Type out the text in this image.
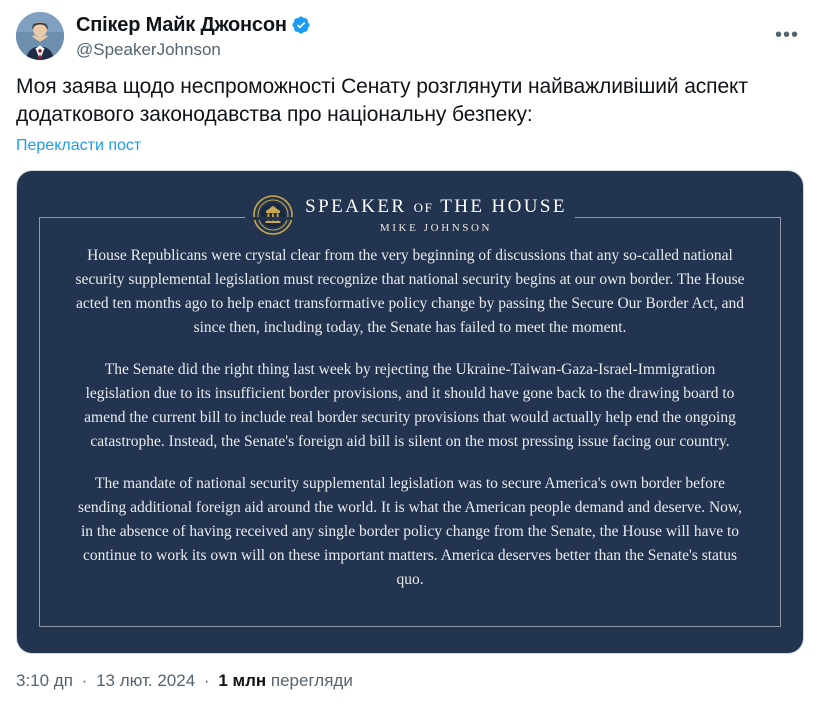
Спікер Майк Джонсон
@SpeakerJohnson
•••
Моя заява щодо неспроможності Сенату розглянути найважливіший аспект додаткового законодавства про національну безпеку:
Перекласти пост
SPEAKER OF THE HOUSE
MIKE JOHNSON

House Republicans were crystal clear from the very beginning of discussions that any so-called national security supplemental legislation must recognize that national security begins at our own border. The House acted ten months ago to help enact transformative policy change by passing the Secure Our Border Act, and since then, including today, the Senate has failed to meet the moment.

The Senate did the right thing last week by rejecting the Ukraine-Taiwan-Gaza-Israel-Immigration legislation due to its insufficient border provisions, and it should have gone back to the drawing board to amend the current bill to include real border security provisions that would actually help end the ongoing catastrophe. Instead, the Senate's foreign aid bill is silent on the most pressing issue facing our country.

The mandate of national security supplemental legislation was to secure America's own border before sending additional foreign aid around the world. It is what the American people demand and deserve. Now, in the absence of having received any single border policy change from the Senate, the House will have to continue to work its own will on these important matters. America deserves better than the Senate's status quo.

3:10 дп · 13 лют. 2024 · 1 млн перегляди
